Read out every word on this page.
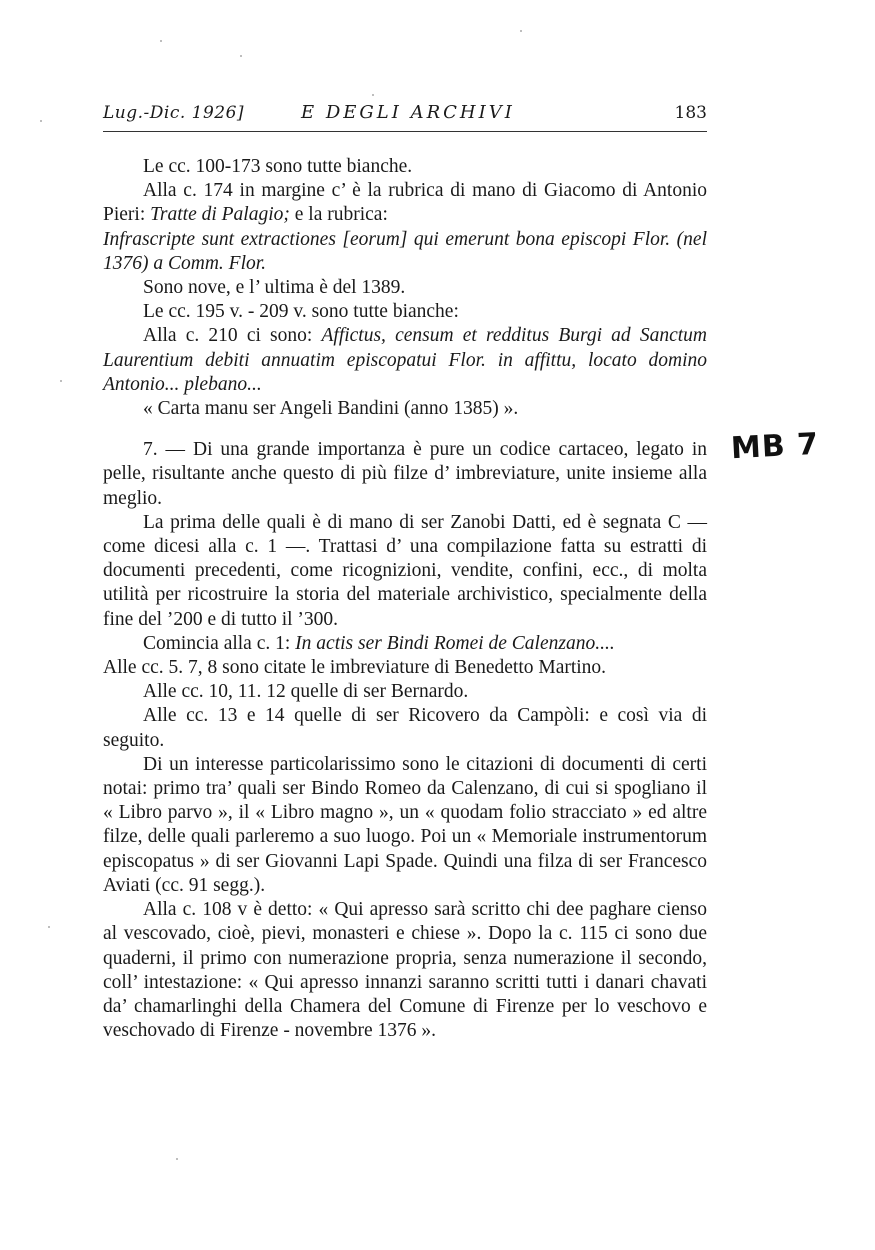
Lug.-Dic. 1926]	E DEGLI ARCHIVI	183
MB 7

Le cc. 100-173 sono tutte bianche.

Alla c. 174 in margine c’ è la rubrica di mano di Giacomo di Antonio Pieri: Tratte di Palagio; e la rubrica:

Infrascripte sunt extractiones [eorum] qui emerunt bona episcopi Flor. (nel 1376) a Comm. Flor.

Sono nove, e l’ ultima è del 1389.

Le cc. 195 v. - 209 v. sono tutte bianche:

Alla c. 210 ci sono: Affictus, censum et redditus Burgi ad Sanctum Laurentium debiti annuatim episcopatui Flor. in affittu, locato domino Antonio... plebano...

« Carta manu ser Angeli Bandini (anno 1385) ».

7. — Di una grande importanza è pure un codice cartaceo, legato in pelle, risultante anche questo di più filze d’ imbreviature, unite insieme alla meglio.

La prima delle quali è di mano di ser Zanobi Datti, ed è segnata C — come dicesi alla c. 1 —. Trattasi d’ una compilazione fatta su estratti di documenti precedenti, come ricognizioni, vendite, confini, ecc., di molta utilità per ricostruire la storia del materiale archivistico, specialmente della fine del ’200 e di tutto il ’300.

Comincia alla c. 1: In actis ser Bindi Romei de Calenzano....

Alle cc. 5. 7, 8 sono citate le imbreviature di Benedetto Martino.

Alle cc. 10, 11. 12 quelle di ser Bernardo.

Alle cc. 13 e 14 quelle di ser Ricovero da Campòli: e così via di seguito.

Di un interesse particolarissimo sono le citazioni di documenti di certi notai: primo tra’ quali ser Bindo Romeo da Calenzano, di cui si spogliano il « Libro parvo », il « Libro magno », un « quodam folio stracciato » ed altre filze, delle quali parleremo a suo luogo. Poi un « Memoriale instrumentorum episcopatus » di ser Giovanni Lapi Spade. Quindi una filza di ser Francesco Aviati (cc. 91 segg.).

Alla c. 108 v è detto: « Qui apresso sarà scritto chi dee paghare cienso al vescovado, cioè, pievi, monasteri e chiese ». Dopo la c. 115 ci sono due quaderni, il primo con numerazione propria, senza numerazione il secondo, coll’ intestazione: « Qui apresso innanzi saranno scritti tutti i danari chavati da’ chamarlinghi della Chamera del Comune di Firenze per lo veschovo e veschovado di Firenze - novembre 1376 ».
